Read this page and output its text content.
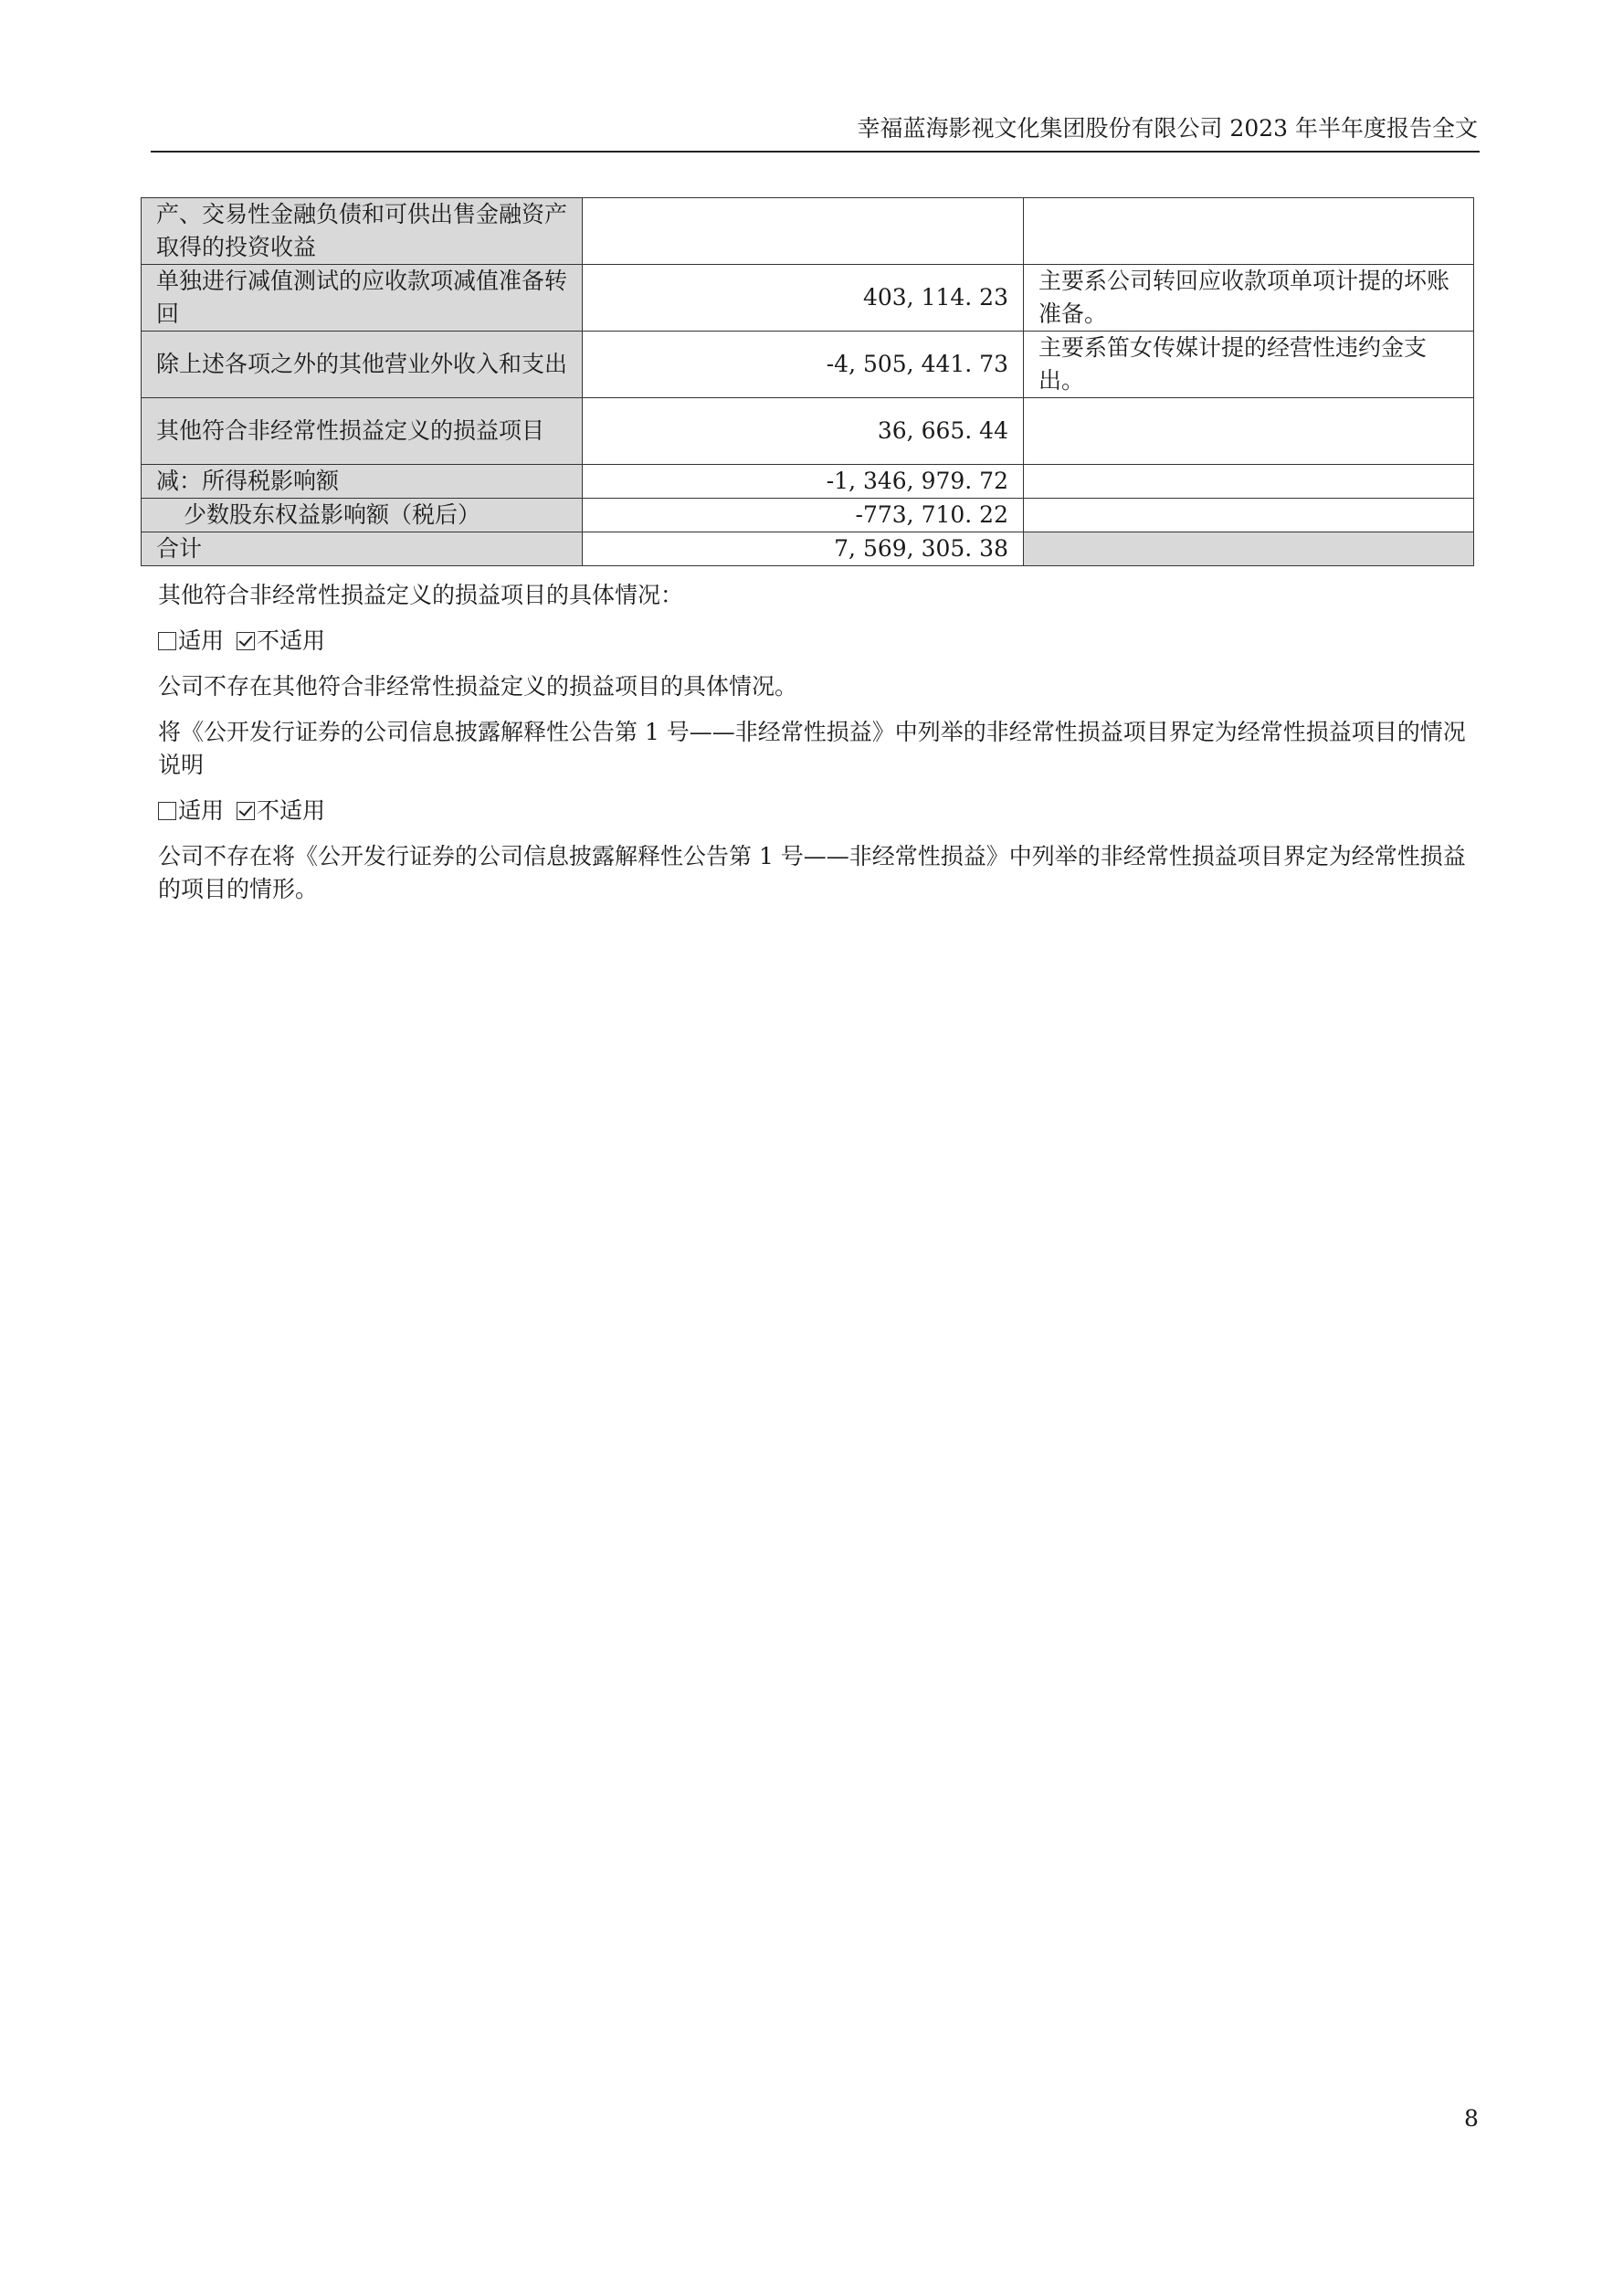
幸福蓝海影视文化集团股份有限公司 2023 年半年度报告全文
产、交易性金融负债和可供出售金融资产取得的投资收益		
单独进行减值测试的应收款项减值准备转回	403, 114. 23	主要系公司转回应收款项单项计提的坏账准备。
除上述各项之外的其他营业外收入和支出	-4, 505, 441. 73	主要系笛女传媒计提的经营性违约金支出。
其他符合非经常性损益定义的损益项目	36, 665. 44	
减：所得税影响额	-1, 346, 979. 72	
少数股东权益影响额（税后）	-773, 710. 22	
合计	7, 569, 305. 38	
其他符合非经常性损益定义的损益项目的具体情况：
适用 不适用
公司不存在其他符合非经常性损益定义的损益项目的具体情况。
将《公开发行证券的公司信息披露解释性公告第 1 号——非经常性损益》中列举的非经常性损益项目界定为经常性损益项目的情况说明
适用 不适用
公司不存在将《公开发行证券的公司信息披露解释性公告第 1 号——非经常性损益》中列举的非经常性损益项目界定为经常性损益的项目的情形。
8
